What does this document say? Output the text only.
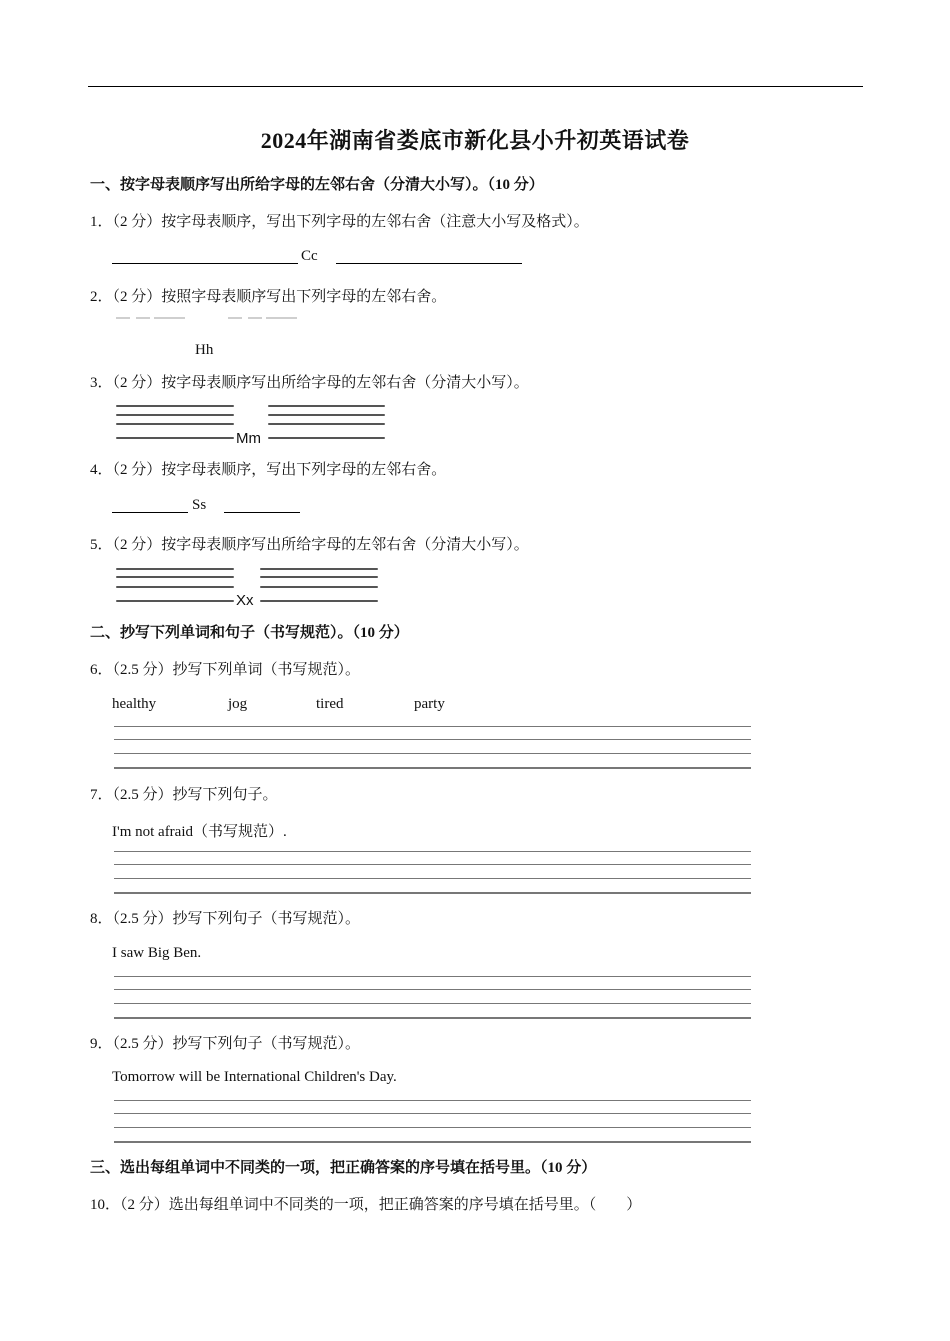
2024年湖南省娄底市新化县小升初英语试卷
一、按字母表顺序写出所给字母的左邻右舍（分清大小写）。（10 分）
1．（2 分）按字母表顺序，写出下列字母的左邻右舍（注意大小写及格式）。
Cc
2．（2 分）按照字母表顺序写出下列字母的左邻右舍。
Hh
3．（2 分）按字母表顺序写出所给字母的左邻右舍（分清大小写）。
Mm
4．（2 分）按字母表顺序，写出下列字母的左邻右舍。
Ss
5．（2 分）按字母表顺序写出所给字母的左邻右舍（分清大小写）。
Xx
二、抄写下列单词和句子（书写规范）。（10 分）
6．（2.5 分）抄写下列单词（书写规范）。
healthy	jog	tired	party
7．（2.5 分）抄写下列句子。
I'm not afraid（书写规范）.
8．（2.5 分）抄写下列句子（书写规范）。
I saw Big Ben.
9．（2.5 分）抄写下列句子（书写规范）。
Tomorrow will be International Children's Day.
三、选出每组单词中不同类的一项，把正确答案的序号填在括号里。（10 分）
10．（2 分）选出每组单词中不同类的一项，把正确答案的序号填在括号里。（　　）
